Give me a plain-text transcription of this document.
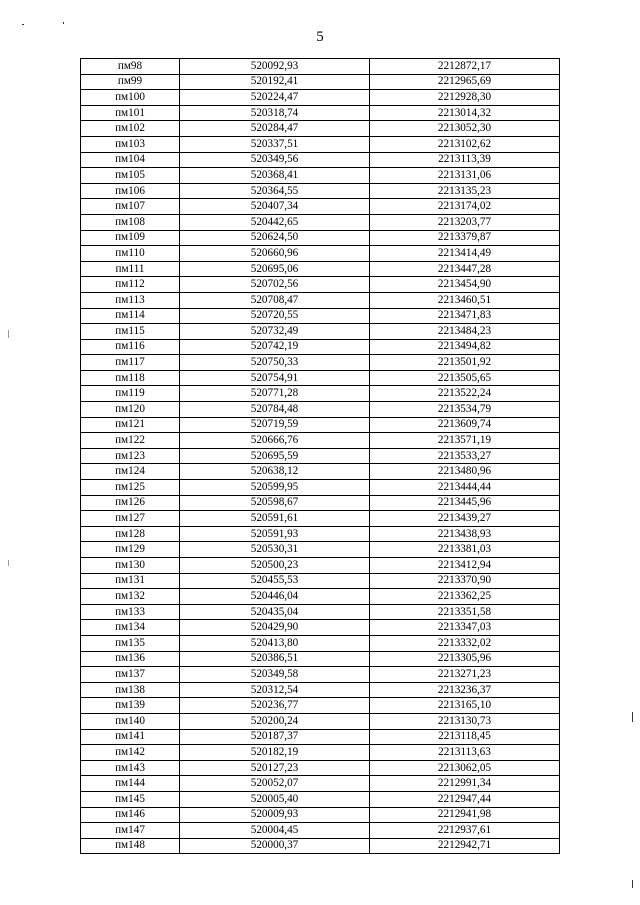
5
пм98	520092,93	2212872,17
пм99	520192,41	2212965,69
пм100	520224,47	2212928,30
пм101	520318,74	2213014,32
пм102	520284,47	2213052,30
пм103	520337,51	2213102,62
пм104	520349,56	2213113,39
пм105	520368,41	2213131,06
пм106	520364,55	2213135,23
пм107	520407,34	2213174,02
пм108	520442,65	2213203,77
пм109	520624,50	2213379,87
пм110	520660,96	2213414,49
пм111	520695,06	2213447,28
пм112	520702,56	2213454,90
пм113	520708,47	2213460,51
пм114	520720,55	2213471,83
пм115	520732,49	2213484,23
пм116	520742,19	2213494,82
пм117	520750,33	2213501,92
пм118	520754,91	2213505,65
пм119	520771,28	2213522,24
пм120	520784,48	2213534,79
пм121	520719,59	2213609,74
пм122	520666,76	2213571,19
пм123	520695,59	2213533,27
пм124	520638,12	2213480,96
пм125	520599,95	2213444,44
пм126	520598,67	2213445,96
пм127	520591,61	2213439,27
пм128	520591,93	2213438,93
пм129	520530,31	2213381,03
пм130	520500,23	2213412,94
пм131	520455,53	2213370,90
пм132	520446,04	2213362,25
пм133	520435,04	2213351,58
пм134	520429,90	2213347,03
пм135	520413,80	2213332,02
пм136	520386,51	2213305,96
пм137	520349,58	2213271,23
пм138	520312,54	2213236,37
пм139	520236,77	2213165,10
пм140	520200,24	2213130,73
пм141	520187,37	2213118,45
пм142	520182,19	2213113,63
пм143	520127,23	2213062,05
пм144	520052,07	2212991,34
пм145	520005,40	2212947,44
пм146	520009,93	2212941,98
пм147	520004,45	2212937,61
пм148	520000,37	2212942,71
